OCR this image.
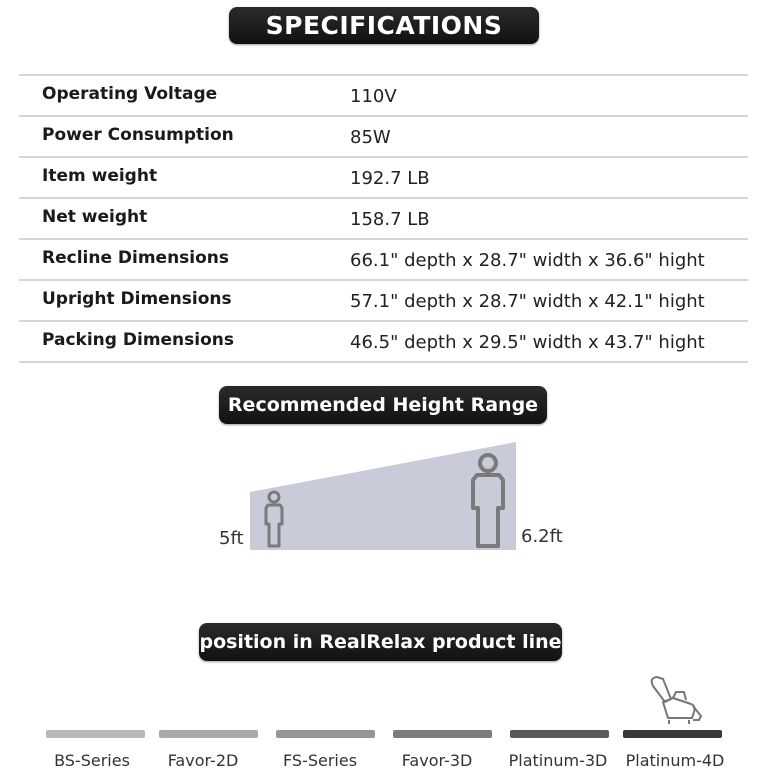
SPECIFICATIONS
Operating Voltage	110V
Power Consumption	85W
Item weight	192.7 LB
Net weight	158.7 LB
Recline Dimensions	66.1" depth x 28.7" width x 36.6" hight
Upright Dimensions	57.1" depth x 28.7" width x 42.1" hight
Packing Dimensions	46.5" depth x 29.5" width x 43.7" hight
Recommended Height Range
5ft	6.2ft
position in RealRelax product line
BS-Series	Favor-2D	FS-Series	Favor-3D	Platinum-3D	Platinum-4D
